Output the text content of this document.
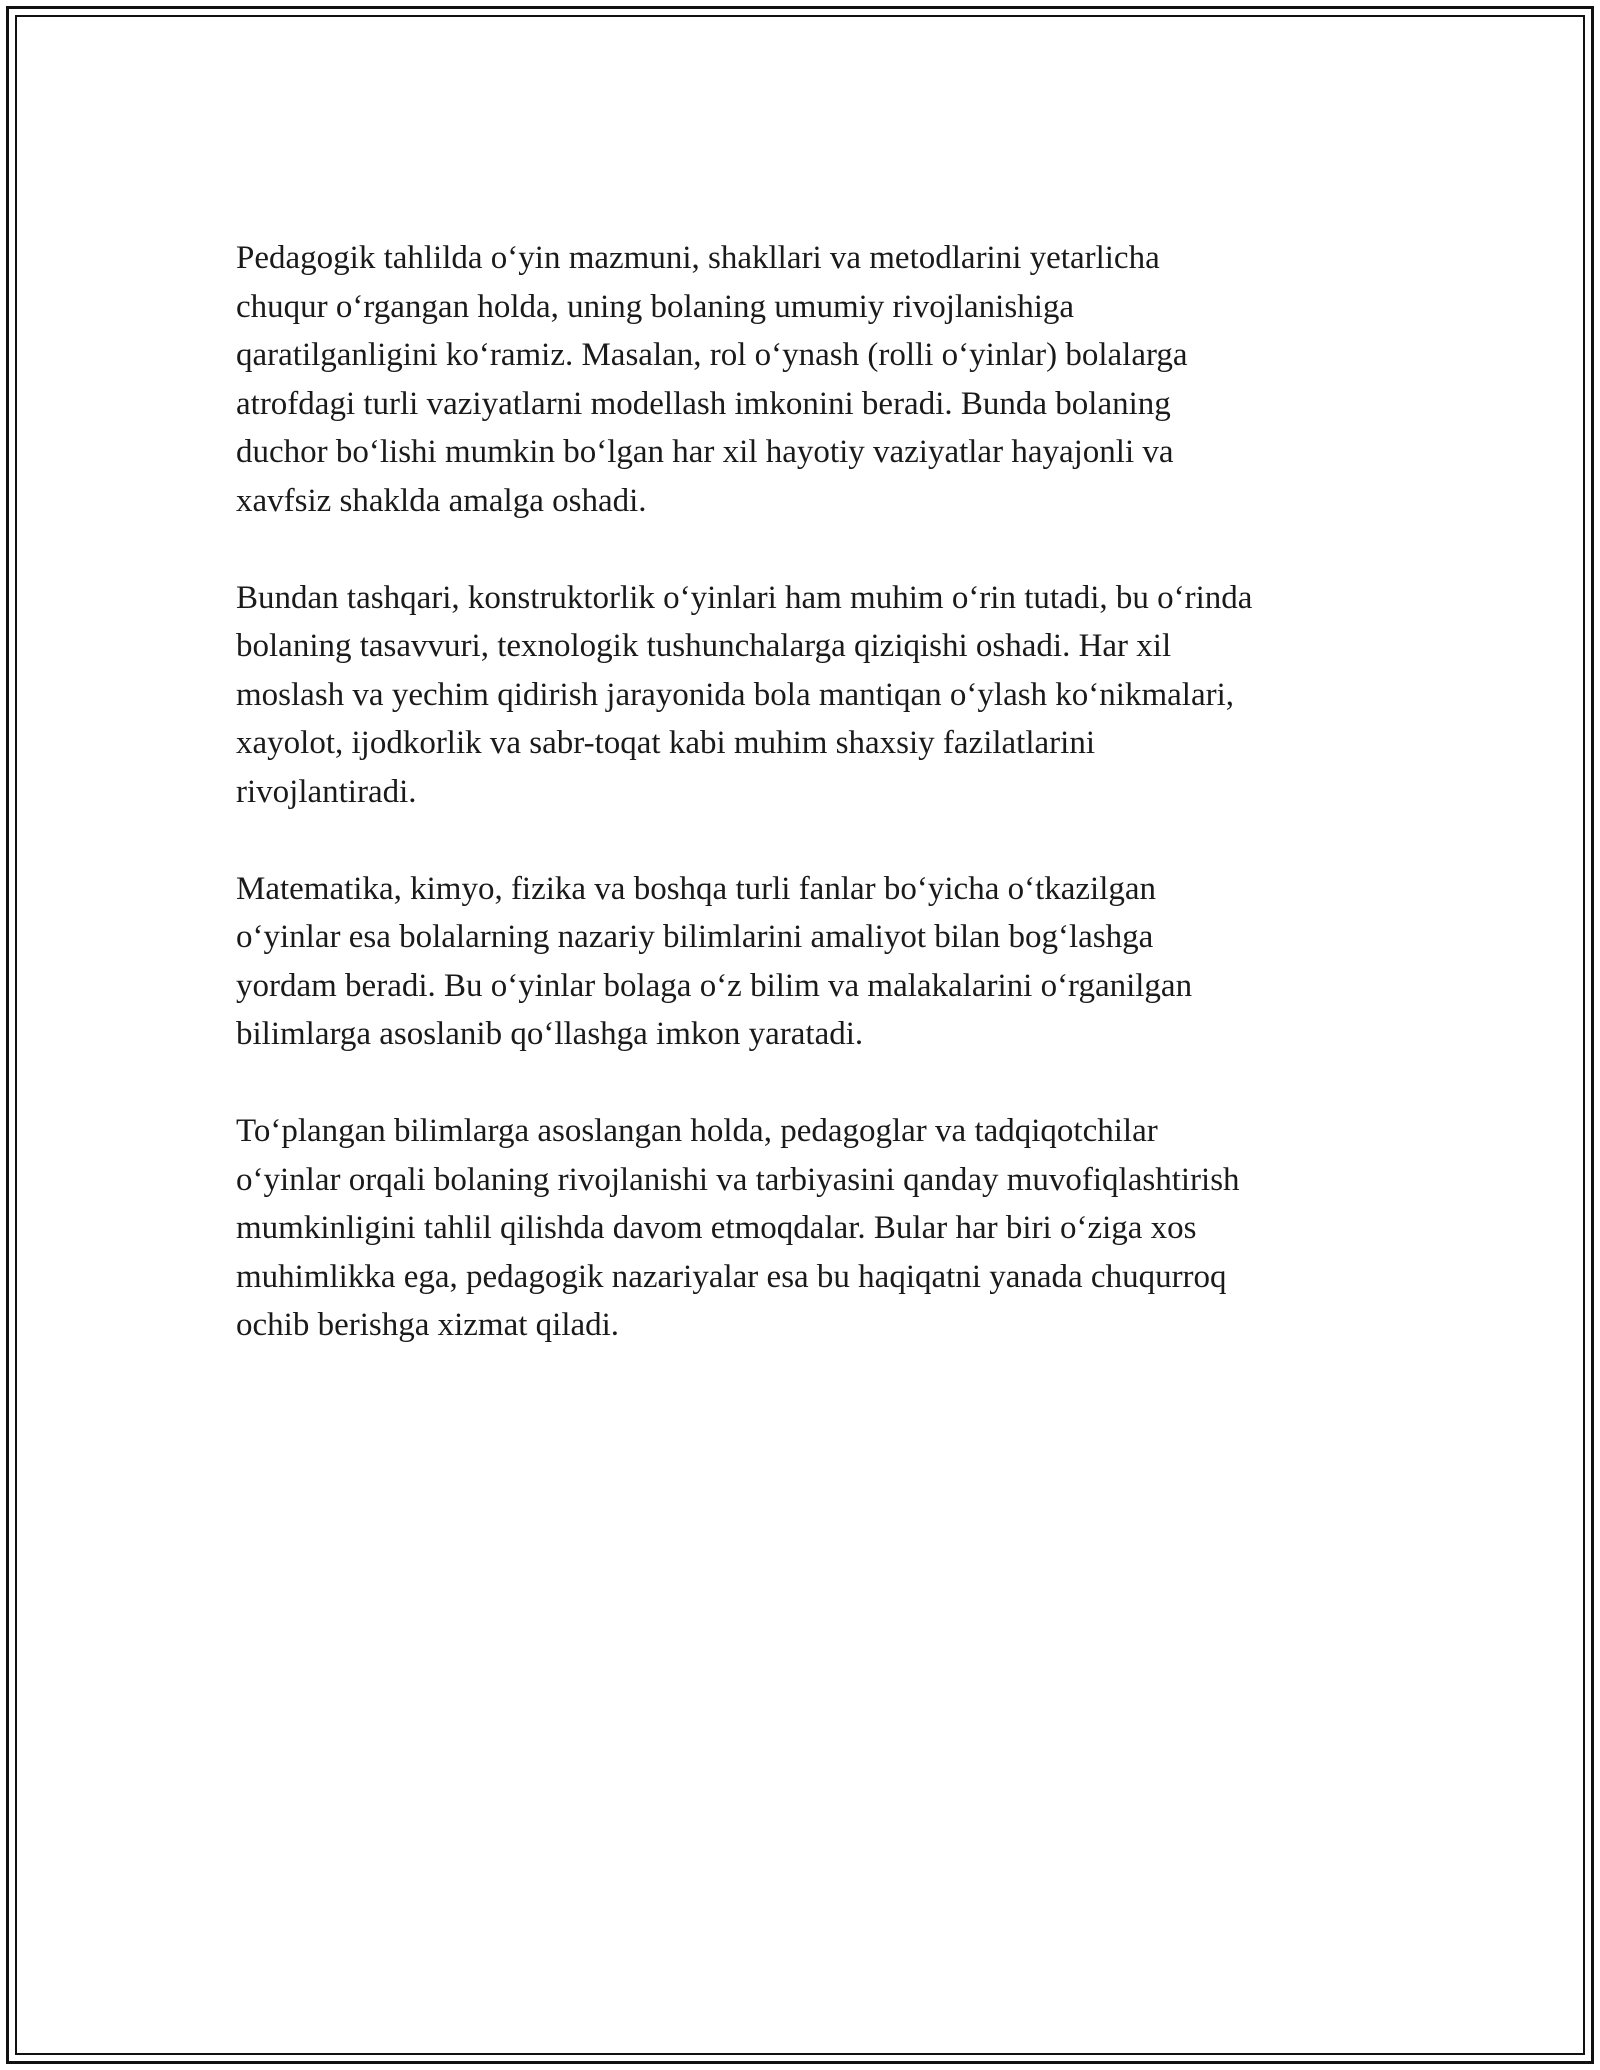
Pedagogik tahlilda o‘yin mazmuni, shakllari va metodlarini yetarlicha
chuqur o‘rgangan holda, uning bolaning umumiy rivojlanishiga
qaratilganligini ko‘ramiz. Masalan, rol o‘ynash (rolli o‘yinlar) bolalarga
atrofdagi turli vaziyatlarni modellash imkonini beradi. Bunda bolaning
duchor bo‘lishi mumkin bo‘lgan har xil hayotiy vaziyatlar hayajonli va
xavfsiz shaklda amalga oshadi.

Bundan tashqari, konstruktorlik o‘yinlari ham muhim o‘rin tutadi, bu o‘rinda
bolaning tasavvuri, texnologik tushunchalarga qiziqishi oshadi. Har xil
moslash va yechim qidirish jarayonida bola mantiqan o‘ylash ko‘nikmalari,
xayolot, ijodkorlik va sabr-toqat kabi muhim shaxsiy fazilatlarini
rivojlantiradi.

Matematika, kimyo, fizika va boshqa turli fanlar bo‘yicha o‘tkazilgan
o‘yinlar esa bolalarning nazariy bilimlarini amaliyot bilan bog‘lashga
yordam beradi. Bu o‘yinlar bolaga o‘z bilim va malakalarini o‘rganilgan
bilimlarga asoslanib qo‘llashga imkon yaratadi.

To‘plangan bilimlarga asoslangan holda, pedagoglar va tadqiqotchilar
o‘yinlar orqali bolaning rivojlanishi va tarbiyasini qanday muvofiqlashtirish
mumkinligini tahlil qilishda davom etmoqdalar. Bular har biri o‘ziga xos
muhimlikka ega, pedagogik nazariyalar esa bu haqiqatni yanada chuqurroq
ochib berishga xizmat qiladi.
